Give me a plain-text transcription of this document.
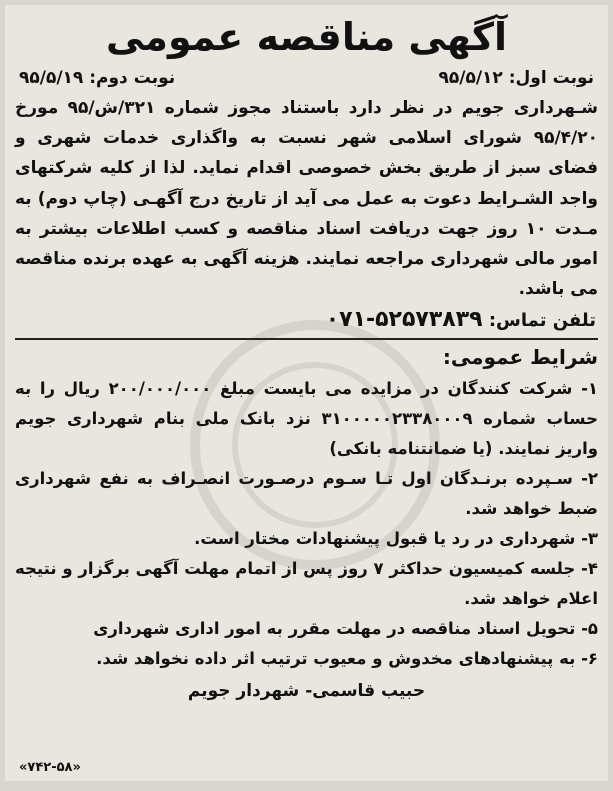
آگهی مناقصه عمومی
نوبت اول: ۹۵/۵/۱۲
نوبت دوم: ۹۵/۵/۱۹

شـهرداری جویم در نظر دارد باستناد مجوز شماره ۳۲۱/ش/۹۵ مورخ ۹۵/۴/۲۰ شورای اسلامی شهر نسبت به واگذاری خدمات شهری و فضای سبز از طریق بخش خصوصی اقدام نماید. لذا از کلیه شرکتهای واجد الشـرایط دعوت به عمل می آید از تاریخ درج آگهـی (چاپ دوم) به مـدت ۱۰ روز جهت دریافت اسناد مناقصه و کسب اطلاعات بیشتر به امور مالی شهرداری مراجعه نمایند. هزینه آگهی به عهده برنده مناقصه می باشد.

تلفن تماس: ۰۷۱-۵۲۵۷۳۸۳۹
شرایط عمومی:
۱- شرکت کنندگان در مزایده می بایست مبلغ ۲۰۰/۰۰۰/۰۰۰ ریال را به حساب شماره ۳۱۰۰۰۰۰۲۳۳۸۰۰۰۹ نزد بانک ملی بنام شهرداری جویم واریز نمایند. (یا ضمانتنامه بانکی)
۲- سـپرده برنـدگان اول تـا سـوم درصـورت انصـراف به نفع شهرداری ضبط خواهد شد.
۳- شهرداری در رد یا قبول پیشنهادات مختار است.
۴- جلسه کمیسیون حداکثر ۷ روز پس از اتمام مهلت آگهی برگزار و نتیجه اعلام خواهد شد.
۵- تحویل اسناد مناقصه در مهلت مقرر به امور اداری شهرداری
۶- به پیشنهادهای مخدوش و معیوب ترتیب اثر داده نخواهد شد.
حبیب قاسمی- شهردار جویم
«۷۴۲-۵۸»
